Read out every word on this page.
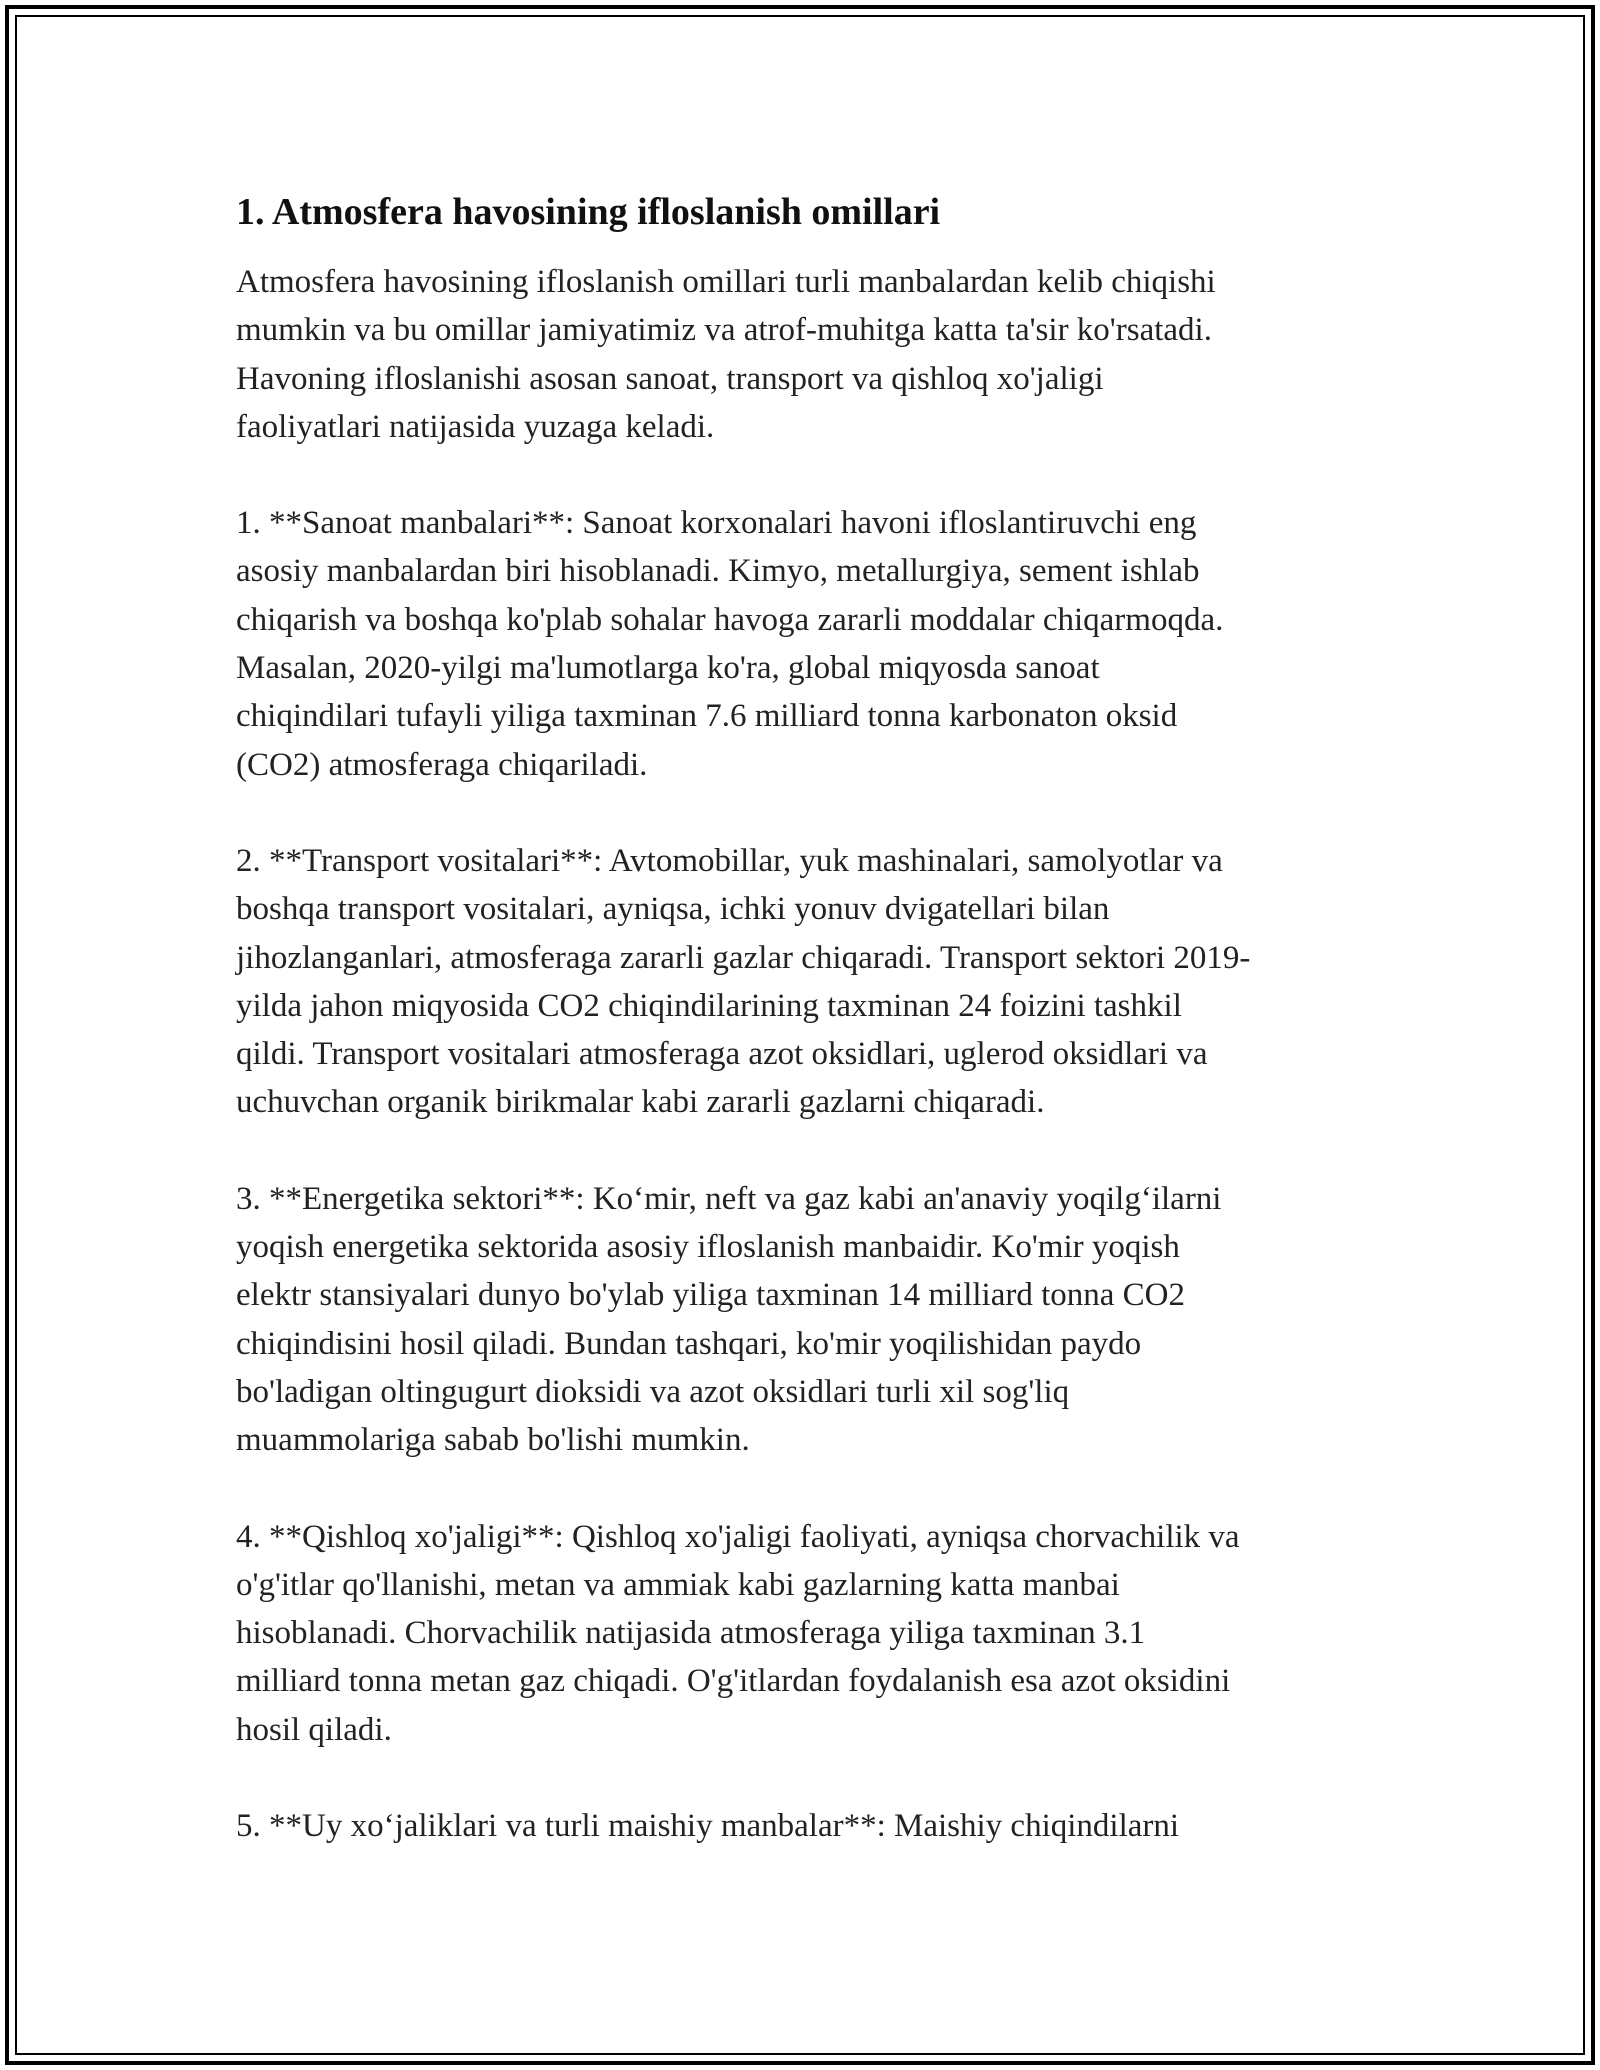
1. Atmosfera havosining ifloslanish omillari

Atmosfera havosining ifloslanish omillari turli manbalardan kelib chiqishi
mumkin va bu omillar jamiyatimiz va atrof-muhitga katta ta'sir ko'rsatadi.
Havoning ifloslanishi asosan sanoat, transport va qishloq xo'jaligi
faoliyatlari natijasida yuzaga keladi.

1. **Sanoat manbalari**: Sanoat korxonalari havoni ifloslantiruvchi eng
asosiy manbalardan biri hisoblanadi. Kimyo, metallurgiya, sement ishlab
chiqarish va boshqa ko'plab sohalar havoga zararli moddalar chiqarmoqda.
Masalan, 2020-yilgi ma'lumotlarga ko'ra, global miqyosda sanoat
chiqindilari tufayli yiliga taxminan 7.6 milliard tonna karbonaton oksid
(CO2) atmosferaga chiqariladi.

2. **Transport vositalari**: Avtomobillar, yuk mashinalari, samolyotlar va
boshqa transport vositalari, ayniqsa, ichki yonuv dvigatellari bilan
jihozlanganlari, atmosferaga zararli gazlar chiqaradi. Transport sektori 2019-
yilda jahon miqyosida CO2 chiqindilarining taxminan 24 foizini tashkil
qildi. Transport vositalari atmosferaga azot oksidlari, uglerod oksidlari va
uchuvchan organik birikmalar kabi zararli gazlarni chiqaradi.

3. **Energetika sektori**: Ko‘mir, neft va gaz kabi an'anaviy yoqilg‘ilarni
yoqish energetika sektorida asosiy ifloslanish manbaidir. Ko'mir yoqish
elektr stansiyalari dunyo bo'ylab yiliga taxminan 14 milliard tonna CO2
chiqindisini hosil qiladi. Bundan tashqari, ko'mir yoqilishidan paydo
bo'ladigan oltingugurt dioksidi va azot oksidlari turli xil sog'liq
muammolariga sabab bo'lishi mumkin.

4. **Qishloq xo'jaligi**: Qishloq xo'jaligi faoliyati, ayniqsa chorvachilik va
o'g'itlar qo'llanishi, metan va ammiak kabi gazlarning katta manbai
hisoblanadi. Chorvachilik natijasida atmosferaga yiliga taxminan 3.1
milliard tonna metan gaz chiqadi. O'g'itlardan foydalanish esa azot oksidini
hosil qiladi.

5. **Uy xo‘jaliklari va turli maishiy manbalar**: Maishiy chiqindilarni
